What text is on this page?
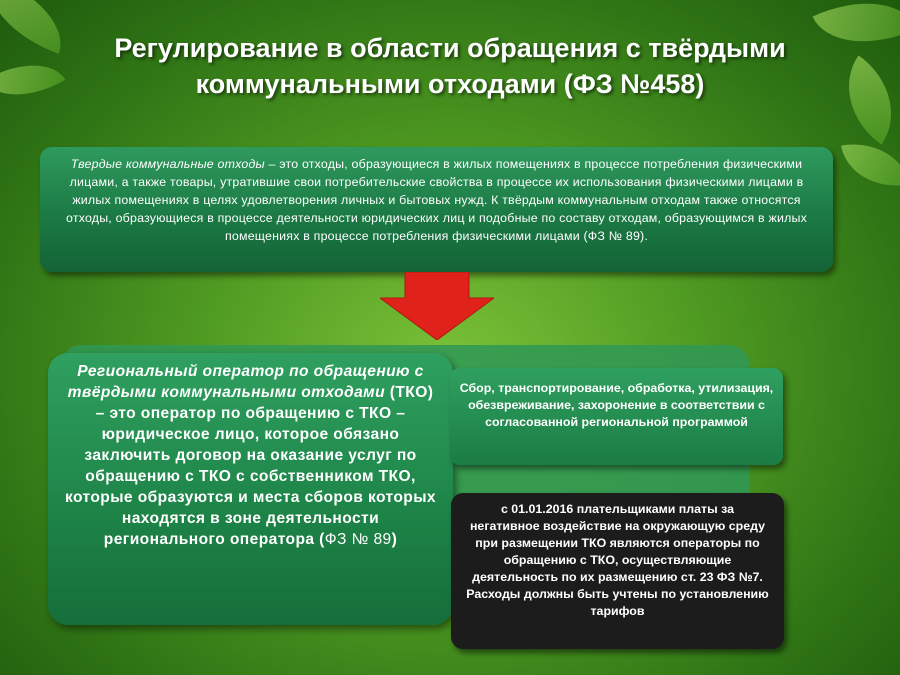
Регулирование в области обращения с твёрдыми коммунальными отходами (ФЗ №458)
Твердые коммунальные отходы – это отходы, образующиеся в жилых помещениях в процессе потребления физическими лицами, а также товары, утратившие свои потребительские свойства в процессе их использования физическими лицами в жилых помещениях в целях удовлетворения личных и бытовых нужд. К твёрдым коммунальным отходам также относятся отходы, образующиеся в процессе деятельности юридических лиц и подобные по составу отходам, образующимся в жилых помещениях в процессе потребления физическими лицами (ФЗ № 89).
Региональный оператор по обращению с твёрдыми коммунальными отходами (ТКО) – это оператор по обращению с ТКО – юридическое лицо, которое обязано заключить договор на оказание услуг по обращению с ТКО с собственником ТКО, которые образуются и места сборов которых находятся в зоне деятельности регионального оператора (ФЗ № 89)
Сбор, транспортирование, обработка, утилизация, обезвреживание, захоронение в соответствии с согласованной региональной программой
с 01.01.2016 плательщиками платы за негативное воздействие на окружающую среду при размещении ТКО являются операторы по обращению с ТКО, осуществляющие деятельность по их размещению ст. 23 ФЗ №7. Расходы должны быть учтены по установлению тарифов
